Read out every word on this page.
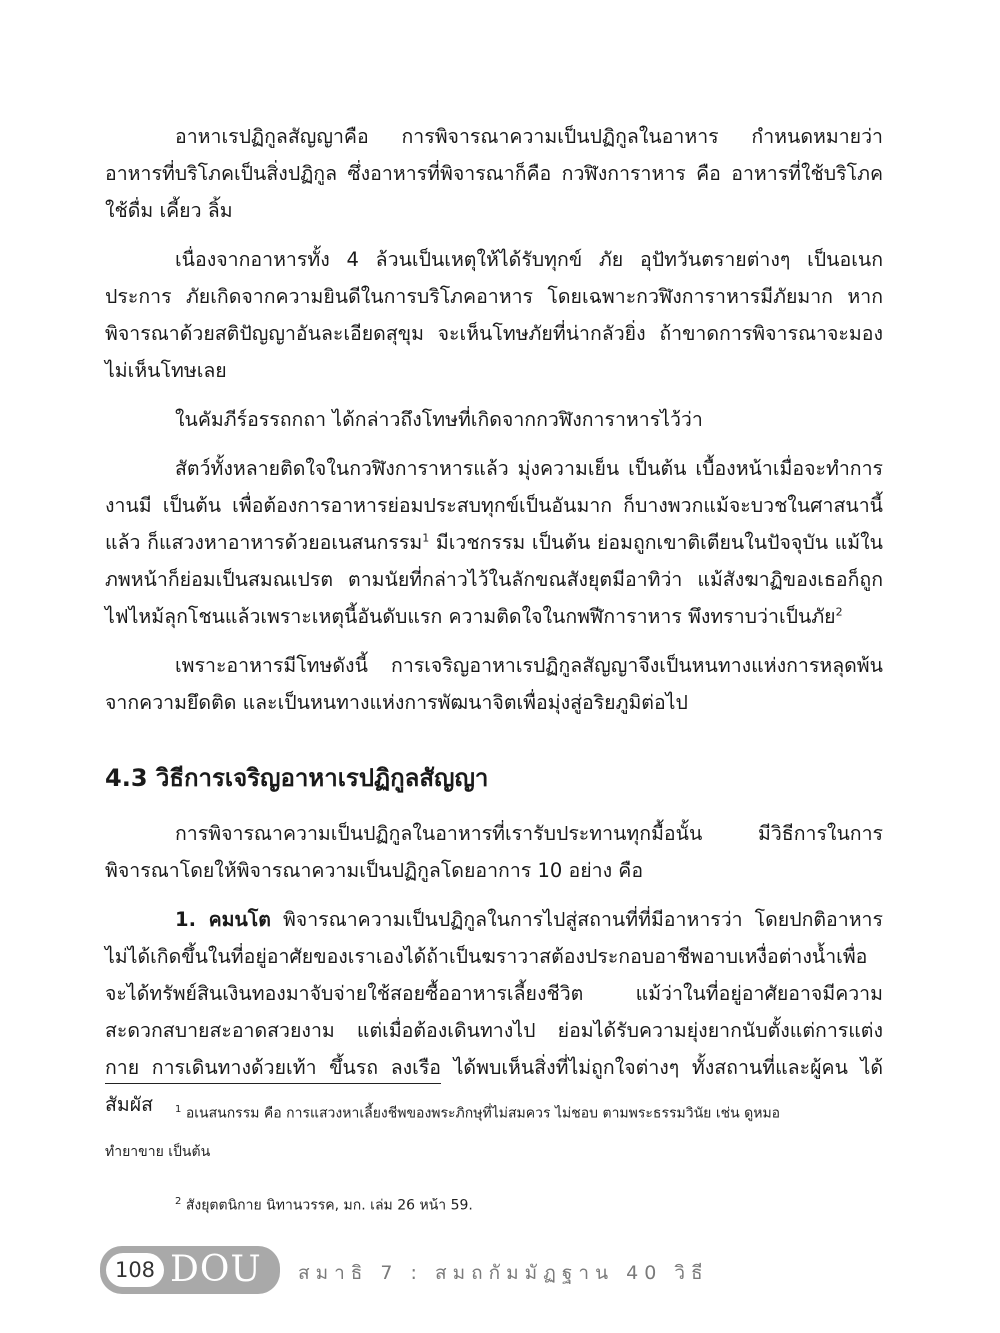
อาหาเรปฏิกูลสัญญาคือ การพิจารณาความเป็นปฏิกูลในอาหาร กำหนดหมายว่า อาหารที่บริโภคเป็นสิ่งปฏิกูล ซึ่งอาหารที่พิจารณาก็คือ กวฬิงการาหาร คือ อาหารที่ใช้บริโภค ใช้ดื่ม เคี้ยว ลิ้ม

เนื่องจากอาหารทั้ง 4 ล้วนเป็นเหตุให้ได้รับทุกข์ ภัย อุปัทวันตรายต่างๆ เป็นอเนกประการ ภัยเกิดจากความยินดีในการบริโภคอาหาร โดยเฉพาะกวฬิงการาหารมีภัยมาก หากพิจารณาด้วยสติปัญญาอันละเอียดสุขุม จะเห็นโทษภัยที่น่ากลัวยิ่ง ถ้าขาดการพิจารณาจะมองไม่เห็นโทษเลย

ในคัมภีร์อรรถกถา ได้กล่าวถึงโทษที่เกิดจากกวฬิงการาหารไว้ว่า

สัตว์ทั้งหลายติดใจในกวฬิงการาหารแล้ว มุ่งความเย็น เป็นต้น เบื้องหน้าเมื่อจะทำการงานมี เป็นต้น เพื่อต้องการอาหารย่อมประสบทุกข์เป็นอันมาก ก็บางพวกแม้จะบวชในศาสนานี้แล้ว ก็แสวงหาอาหารด้วยอเนสนกรรม$^1$ มีเวชกรรม เป็นต้น ย่อมถูกเขาติเตียนในปัจจุบัน แม้ในภพหน้าก็ย่อมเป็นสมณเปรต ตามนัยที่กล่าวไว้ในลักขณสังยุตมีอาทิว่า แม้สังฆาฏิของเธอก็ถูกไฟไหม้ลุกโชนแล้วเพราะเหตุนี้อันดับแรก ความติดใจในกพฬีการาหาร พึงทราบว่าเป็นภัย$^2$

เพราะอาหารมีโทษดังนี้ การเจริญอาหาเรปฏิกูลสัญญาจึงเป็นหนทางแห่งการหลุดพ้นจากความยึดติด และเป็นหนทางแห่งการพัฒนาจิตเพื่อมุ่งสู่อริยภูมิต่อไป

4.3 วิธีการเจริญอาหาเรปฏิกูลสัญญา

การพิจารณาความเป็นปฏิกูลในอาหารที่เรารับประทานทุกมื้อนั้น มีวิธีการในการพิจารณาโดยให้พิจารณาความเป็นปฏิกูลโดยอาการ 10 อย่าง คือ

1. คมนโต พิจารณาความเป็นปฏิกูลในการไปสู่สถานที่ที่มีอาหารว่า โดยปกติอาหารไม่ได้เกิดขึ้นในที่อยู่อาศัยของเราเองได้ถ้าเป็นฆราวาสต้องประกอบอาชีพอาบเหงื่อต่างน้ำเพื่อจะได้ทรัพย์สินเงินทองมาจับจ่ายใช้สอยซื้ออาหารเลี้ยงชีวิต แม้ว่าในที่อยู่อาศัยอาจมีความสะดวกสบายสะอาดสวยงาม แต่เมื่อต้องเดินทางไป ย่อมได้รับความยุ่งยากนับตั้งแต่การแต่งกาย การเดินทางด้วยเท้า ขึ้นรถ ลงเรือ ได้พบเห็นสิ่งที่ไม่ถูกใจต่างๆ ทั้งสถานที่และผู้คน ได้สัมผัส	$^1$ อเนสนกรรม คือ การแสวงหาเลี้ยงชีพของพระภิกษุที่ไม่สมควร ไม่ชอบ ตามพระธรรมวินัย เช่น ดูหมอ

ทำยาขาย เป็นต้น

$^2$ สังยุตตนิกาย นิทานวรรค, มก. เล่ม 26 หน้า 59.

108 DOU สมาธิ 7 : สมถกัมมัฏฐาน 40 วิธี
